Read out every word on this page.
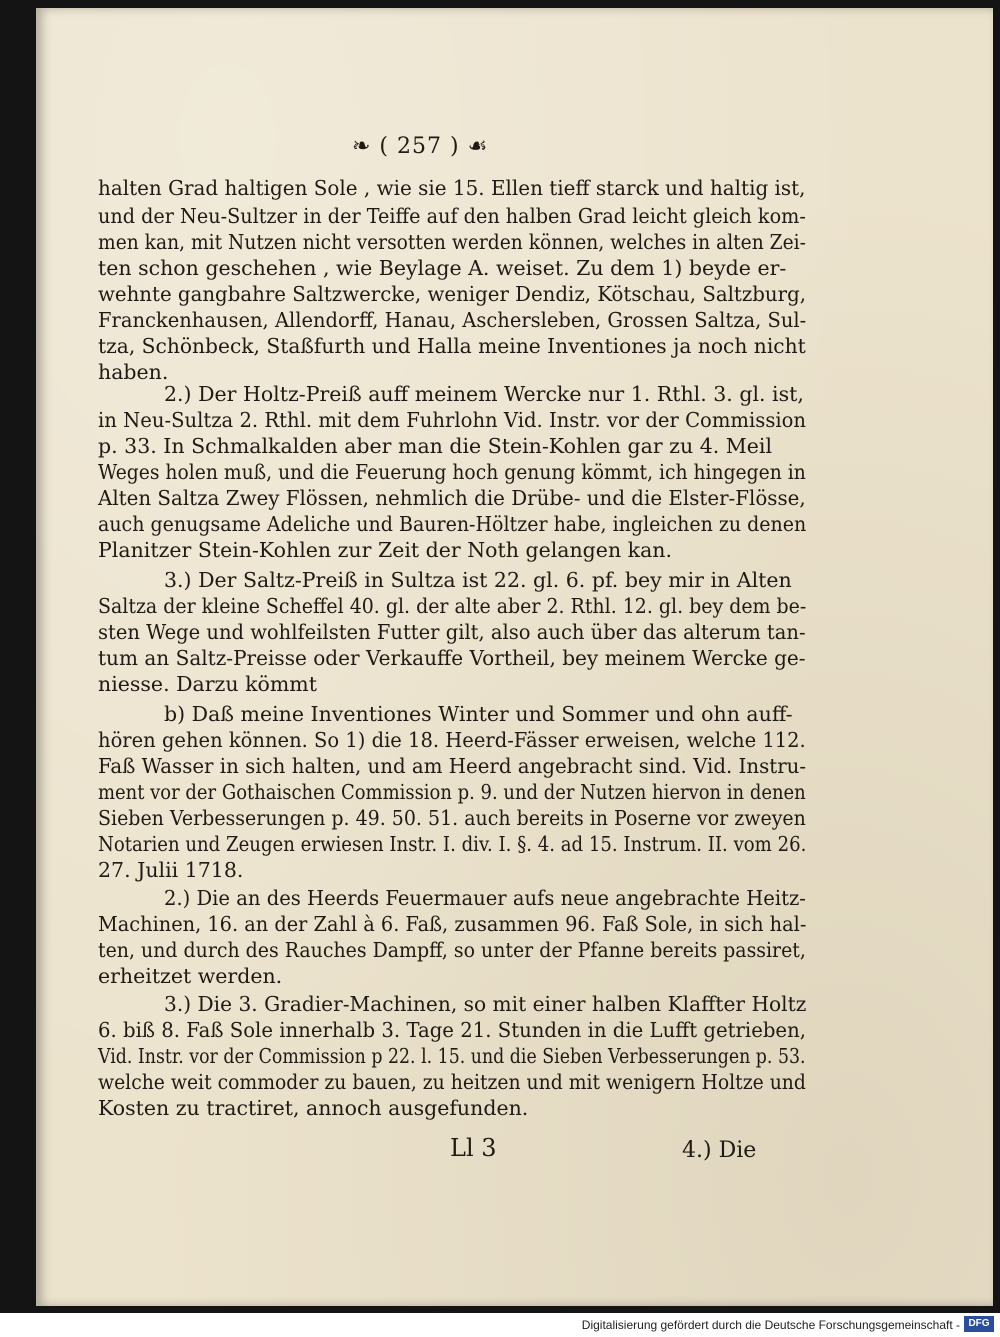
❧ ( 257 ) ☙
halten Grad haltigen Sole , wie sie 15. Ellen tieff starck und haltig ist,
und der Neu-Sultzer in der Teiffe auf den halben Grad leicht gleich kom-
men kan, mit Nutzen nicht versotten werden können, welches in alten Zei-
ten schon geschehen , wie Beylage A. weiset. Zu dem 1) beyde er-
wehnte gangbahre Saltzwercke, weniger Dendiz, Kötschau, Saltzburg,
Franckenhausen, Allendorff, Hanau, Aschersleben, Grossen Saltza, Sul-
tza, Schönbeck, Staßfurth und Halla meine Inventiones ja noch nicht
haben.
2.) Der Holtz-Preiß auff meinem Wercke nur 1. Rthl. 3. gl. ist,
in Neu-Sultza 2. Rthl. mit dem Fuhrlohn Vid. Instr. vor der Commission
p. 33. In Schmalkalden aber man die Stein-Kohlen gar zu 4. Meil
Weges holen muß, und die Feuerung hoch genung kömmt, ich hingegen in
Alten Saltza Zwey Flössen, nehmlich die Drübe- und die Elster-Flösse,
auch genugsame Adeliche und Bauren-Höltzer habe, ingleichen zu denen
Planitzer Stein-Kohlen zur Zeit der Noth gelangen kan.
3.) Der Saltz-Preiß in Sultza ist 22. gl. 6. pf. bey mir in Alten
Saltza der kleine Scheffel 40. gl. der alte aber 2. Rthl. 12. gl. bey dem be-
sten Wege und wohlfeilsten Futter gilt, also auch über das alterum tan-
tum an Saltz-Preisse oder Verkauffe Vortheil, bey meinem Wercke ge-
niesse. Darzu kömmt
b) Daß meine Inventiones Winter und Sommer und ohn auff-
hören gehen können. So 1) die 18. Heerd-Fässer erweisen, welche 112.
Faß Wasser in sich halten, und am Heerd angebracht sind. Vid. Instru-
ment vor der Gothaischen Commission p. 9. und der Nutzen hiervon in denen
Sieben Verbesserungen p. 49. 50. 51. auch bereits in Poserne vor zweyen
Notarien und Zeugen erwiesen Instr. I. div. I. §. 4. ad 15. Instrum. II. vom 26.
27. Julii 1718.
2.) Die an des Heerds Feuermauer aufs neue angebrachte Heitz-
Machinen, 16. an der Zahl à 6. Faß, zusammen 96. Faß Sole, in sich hal-
ten, und durch des Rauches Dampff, so unter der Pfanne bereits passiret,
erheitzet werden.
3.) Die 3. Gradier-Machinen, so mit einer halben Klaffter Holtz
6. biß 8. Faß Sole innerhalb 3. Tage 21. Stunden in die Lufft getrieben,
Vid. Instr. vor der Commission p 22. l. 15. und die Sieben Verbesserungen p. 53.
welche weit commoder zu bauen, zu heitzen und mit wenigern Holtze und
Kosten zu tractiret, annoch ausgefunden.
Ll 3	4.) Die
Digitalisierung gefördert durch die Deutsche Forschungsgemeinschaft - DFG
